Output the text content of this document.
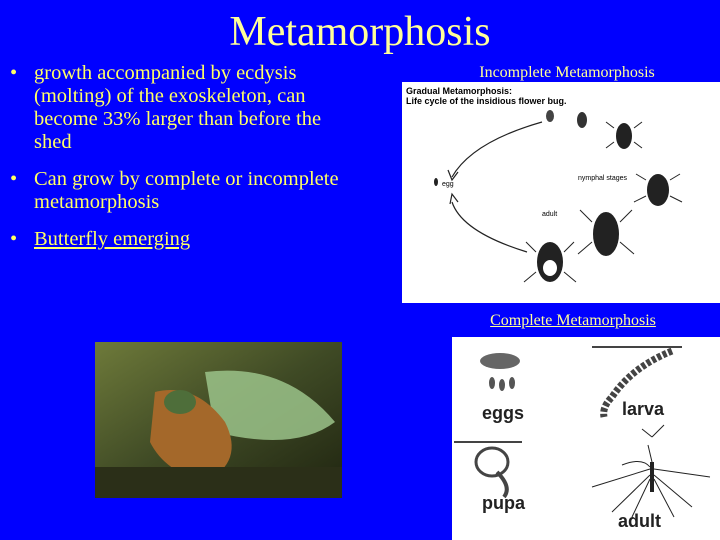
Metamorphosis
• growth accompanied by ecdysis (molting) of the exoskeleton, can become 33% larger than before the shed
• Can grow by complete or incomplete metamorphosis
• Butterfly emerging
Incomplete Metamorphosis
Gradual Metamorphosis:
Life cycle of the insidious flower bug.
egg
nymphal stages
adult
Complete Metamorphosis
eggs	larva
pupa
adult
